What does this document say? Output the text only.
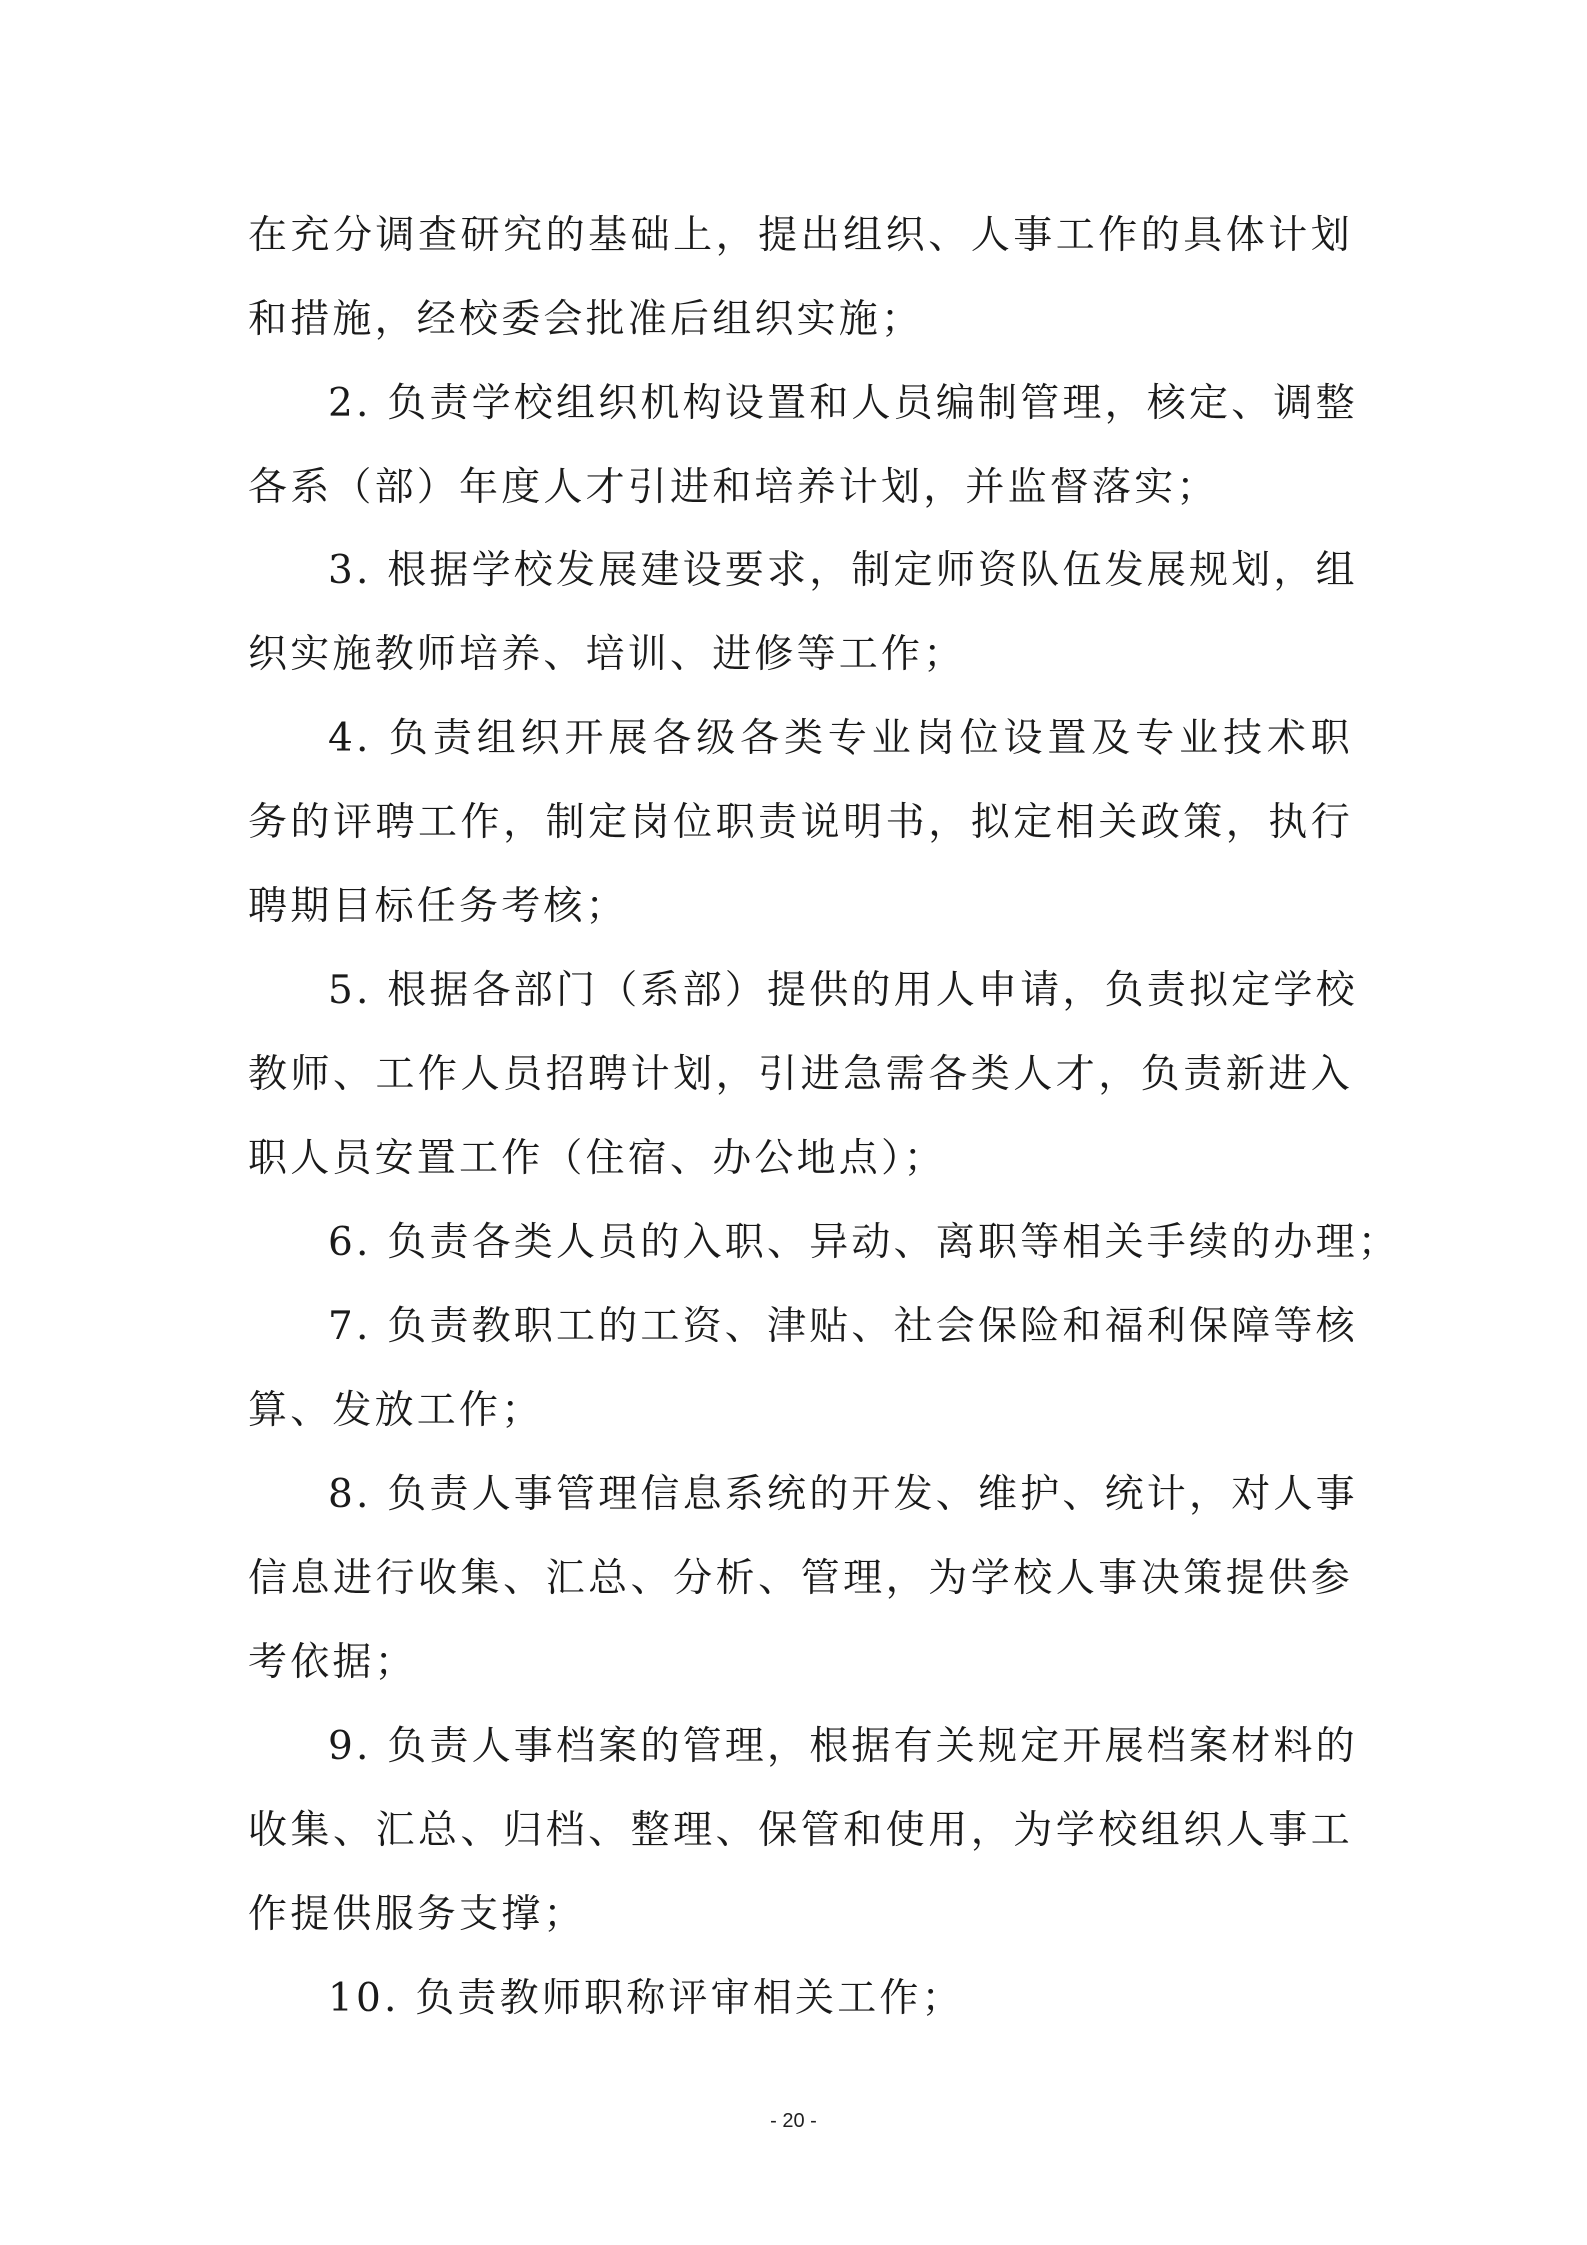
在充分调查研究的基础上，提出组织、人事工作的具体计划
和措施，经校委会批准后组织实施；
2. 负责学校组织机构设置和人员编制管理，核定、调整
各系（部）年度人才引进和培养计划，并监督落实；
3. 根据学校发展建设要求，制定师资队伍发展规划，组
织实施教师培养、培训、进修等工作；
4. 负责组织开展各级各类专业岗位设置及专业技术职
务的评聘工作，制定岗位职责说明书，拟定相关政策，执行
聘期目标任务考核；
5. 根据各部门（系部）提供的用人申请，负责拟定学校
教师、工作人员招聘计划，引进急需各类人才，负责新进入
职人员安置工作（住宿、办公地点）；
6. 负责各类人员的入职、异动、离职等相关手续的办理；
7. 负责教职工的工资、津贴、社会保险和福利保障等核
算、发放工作；
8. 负责人事管理信息系统的开发、维护、统计，对人事
信息进行收集、汇总、分析、管理，为学校人事决策提供参
考依据；
9. 负责人事档案的管理，根据有关规定开展档案材料的
收集、汇总、归档、整理、保管和使用，为学校组织人事工
作提供服务支撑；
10. 负责教师职称评审相关工作；
- 20 -
